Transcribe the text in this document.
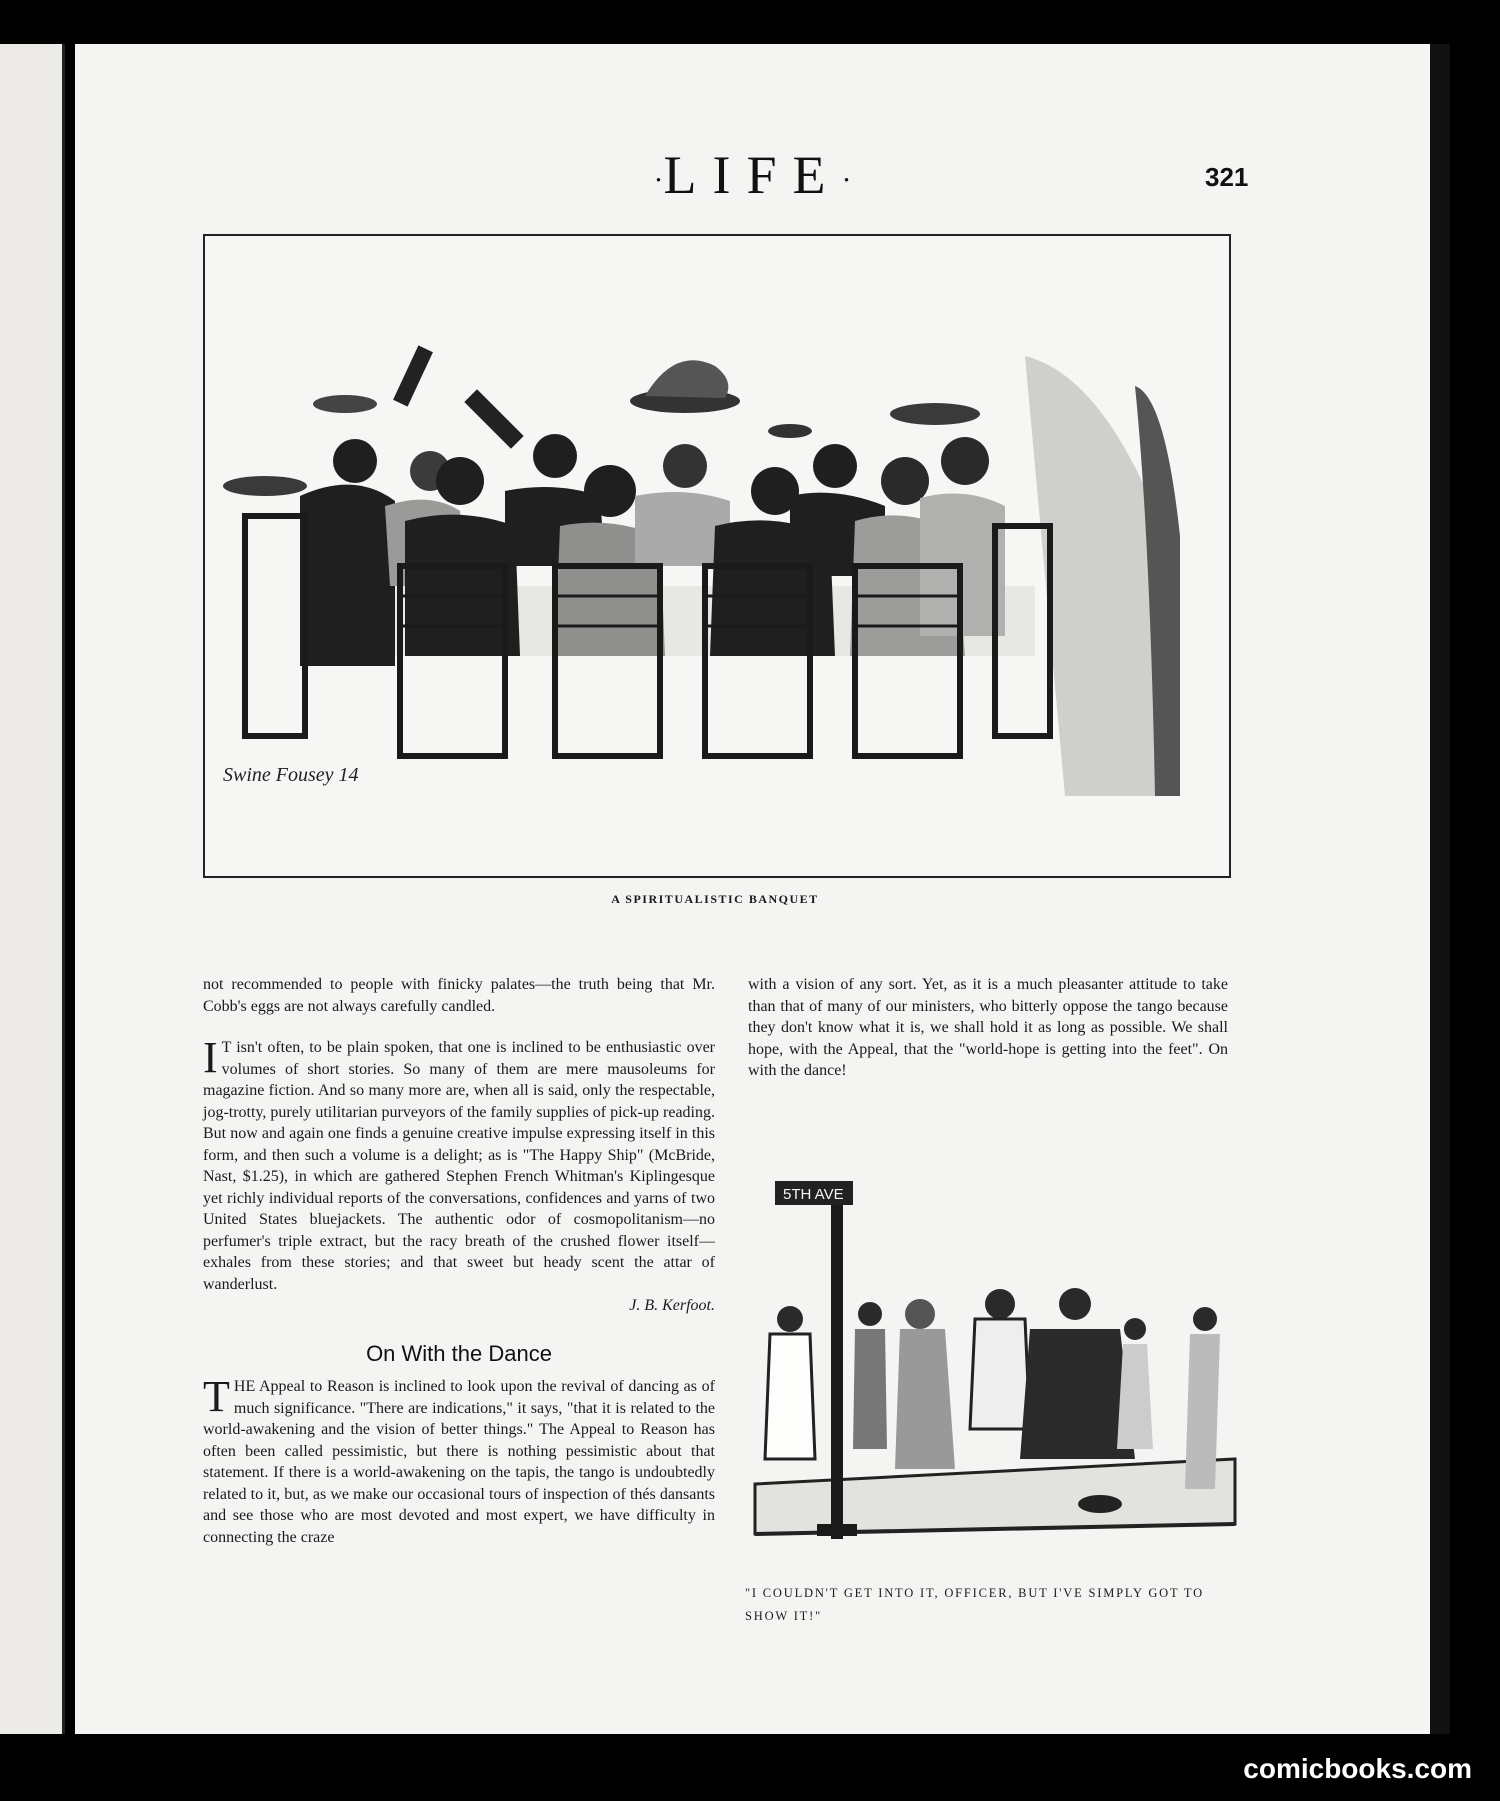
·LIFE·	321
Swine Fousey 14
A SPIRITUALISTIC BANQUET

not recommended to people with finicky palates—the truth being that Mr. Cobb's eggs are not always carefully candled.

I T isn't often, to be plain spoken, that one is inclined to be enthusiastic over volumes of short stories. So many of them are mere mausoleums for magazine fiction. And so many more are, when all is said, only the respectable, jog-trotty, purely utilitarian purveyors of the family supplies of pick-up reading. But now and again one finds a genuine creative impulse expressing itself in this form, and then such a volume is a delight; as is "The Happy Ship" (McBride, Nast, $1.25), in which are gathered Stephen French Whitman's Kiplingesque yet richly individual reports of the conversations, confidences and yarns of two United States bluejackets. The authentic odor of cosmopolitanism—no perfumer's triple extract, but the racy breath of the crushed flower itself—exhales from these stories; and that sweet but heady scent the attar of wanderlust.
J. B. Kerfoot.

On With the Dance

THE Appeal to Reason is inclined to look upon the revival of dancing as of much significance. "There are indications," it says, "that it is related to the world-awakening and the vision of better things." The Appeal to Reason has often been called pessimistic, but there is nothing pessimistic about that statement. If there is a world-awakening on the tapis, the tango is undoubtedly related to it, but, as we make our occasional tours of inspection of thés dansants and see those who are most devoted and most expert, we have difficulty in connecting the craze

with a vision of any sort. Yet, as it is a much pleasanter attitude to take than that of many of our ministers, who bitterly oppose the tango because they don't know what it is, we shall hold it as long as possible. We shall hope, with the Appeal, that the "world-hope is getting into the feet". On with the dance!

5TH AVE
"I COULDN'T GET INTO IT, OFFICER, BUT I'VE SIMPLY GOT TO SHOW IT!"
comicbooks.com
